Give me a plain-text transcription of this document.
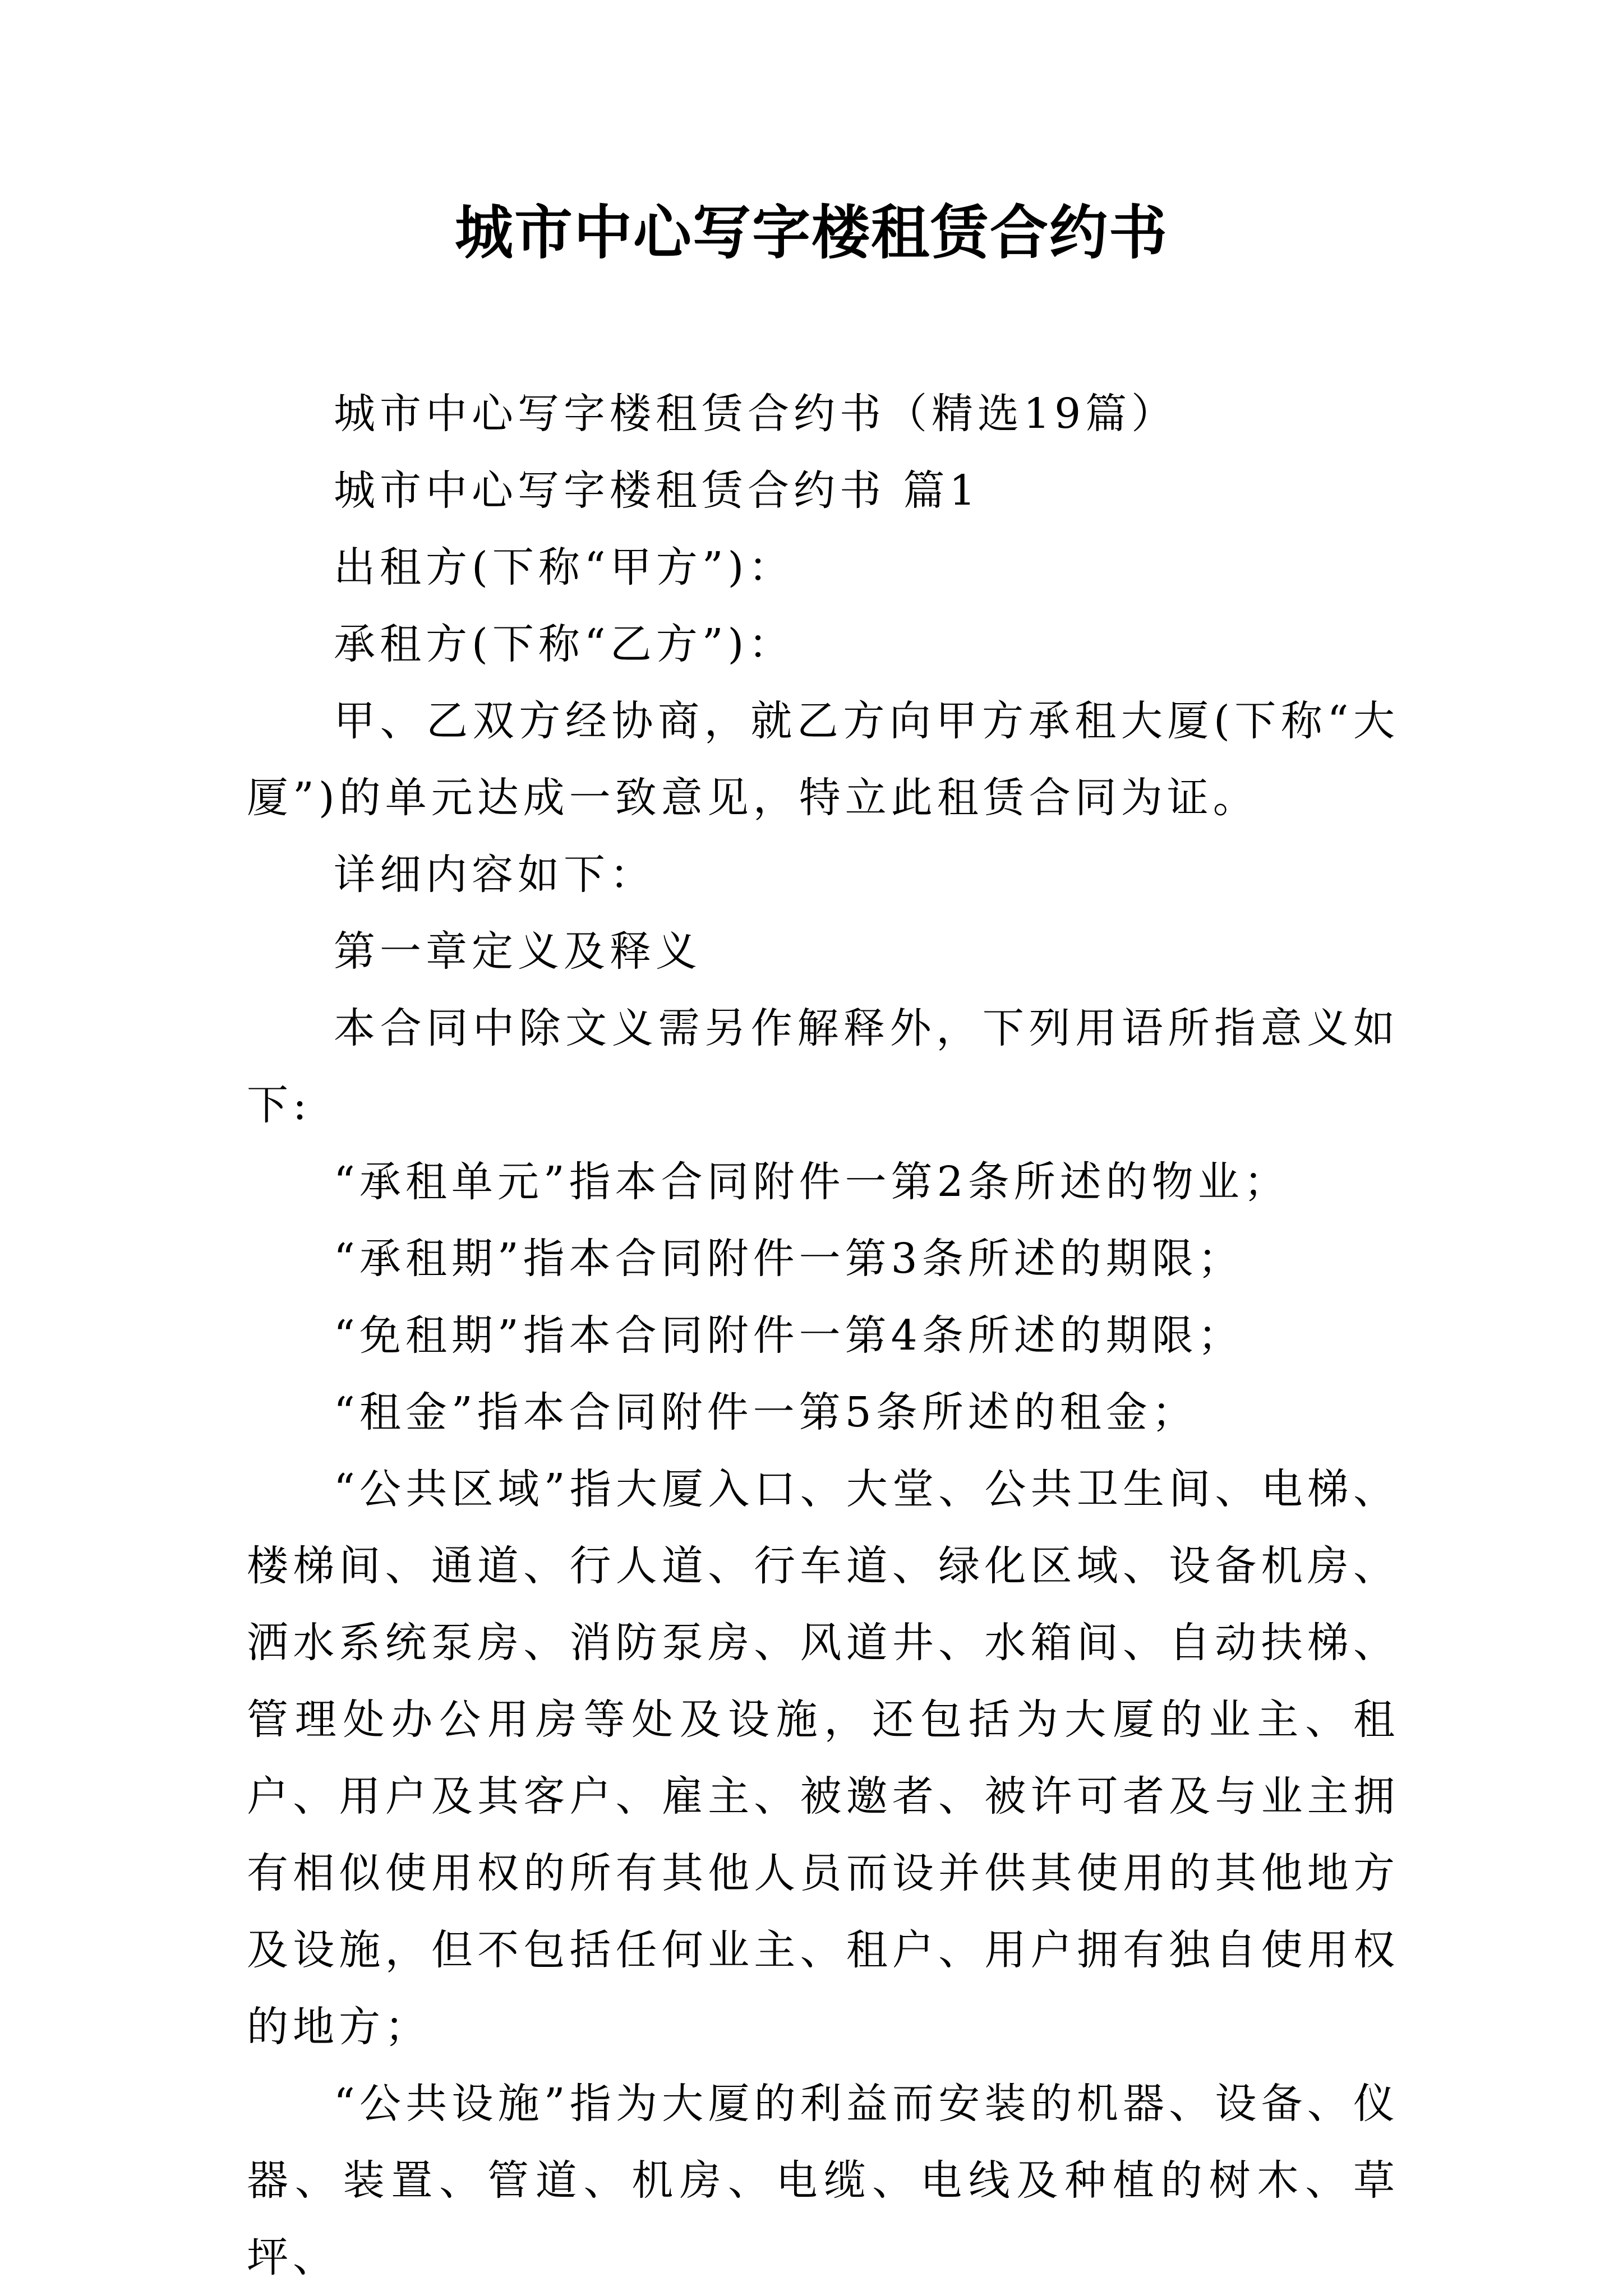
城市中心写字楼租赁合约书

城市中心写字楼租赁合约书（精选19篇）

城市中心写字楼租赁合约书 篇1

出租方(下称“甲方”)：

承租方(下称“乙方”)：

甲、乙双方经协商，就乙方向甲方承租大厦(下称“大厦”)的单元达成一致意见，特立此租赁合同为证。

详细内容如下：

第一章定义及释义

本合同中除文义需另作解释外，下列用语所指意义如下:

“承租单元”指本合同附件一第2条所述的物业；

“承租期”指本合同附件一第3条所述的期限；

“免租期”指本合同附件一第4条所述的期限；

“租金”指本合同附件一第5条所述的租金；

“公共区域”指大厦入口、大堂、公共卫生间、电梯、楼梯间、通道、行人道、行车道、绿化区域、设备机房、洒水系统泵房、消防泵房、风道井、水箱间、自动扶梯、管理处办公用房等处及设施，还包括为大厦的业主、租户、用户及其客户、雇主、被邀者、被许可者及与业主拥有相似使用权的所有其他人员而设并供其使用的其他地方及设施，但不包括任何业主、租户、用户拥有独自使用权的地方；

“公共设施”指为大厦的利益而安装的机器、设备、仪器、装置、管道、机房、电缆、电线及种植的树木、草坪、
